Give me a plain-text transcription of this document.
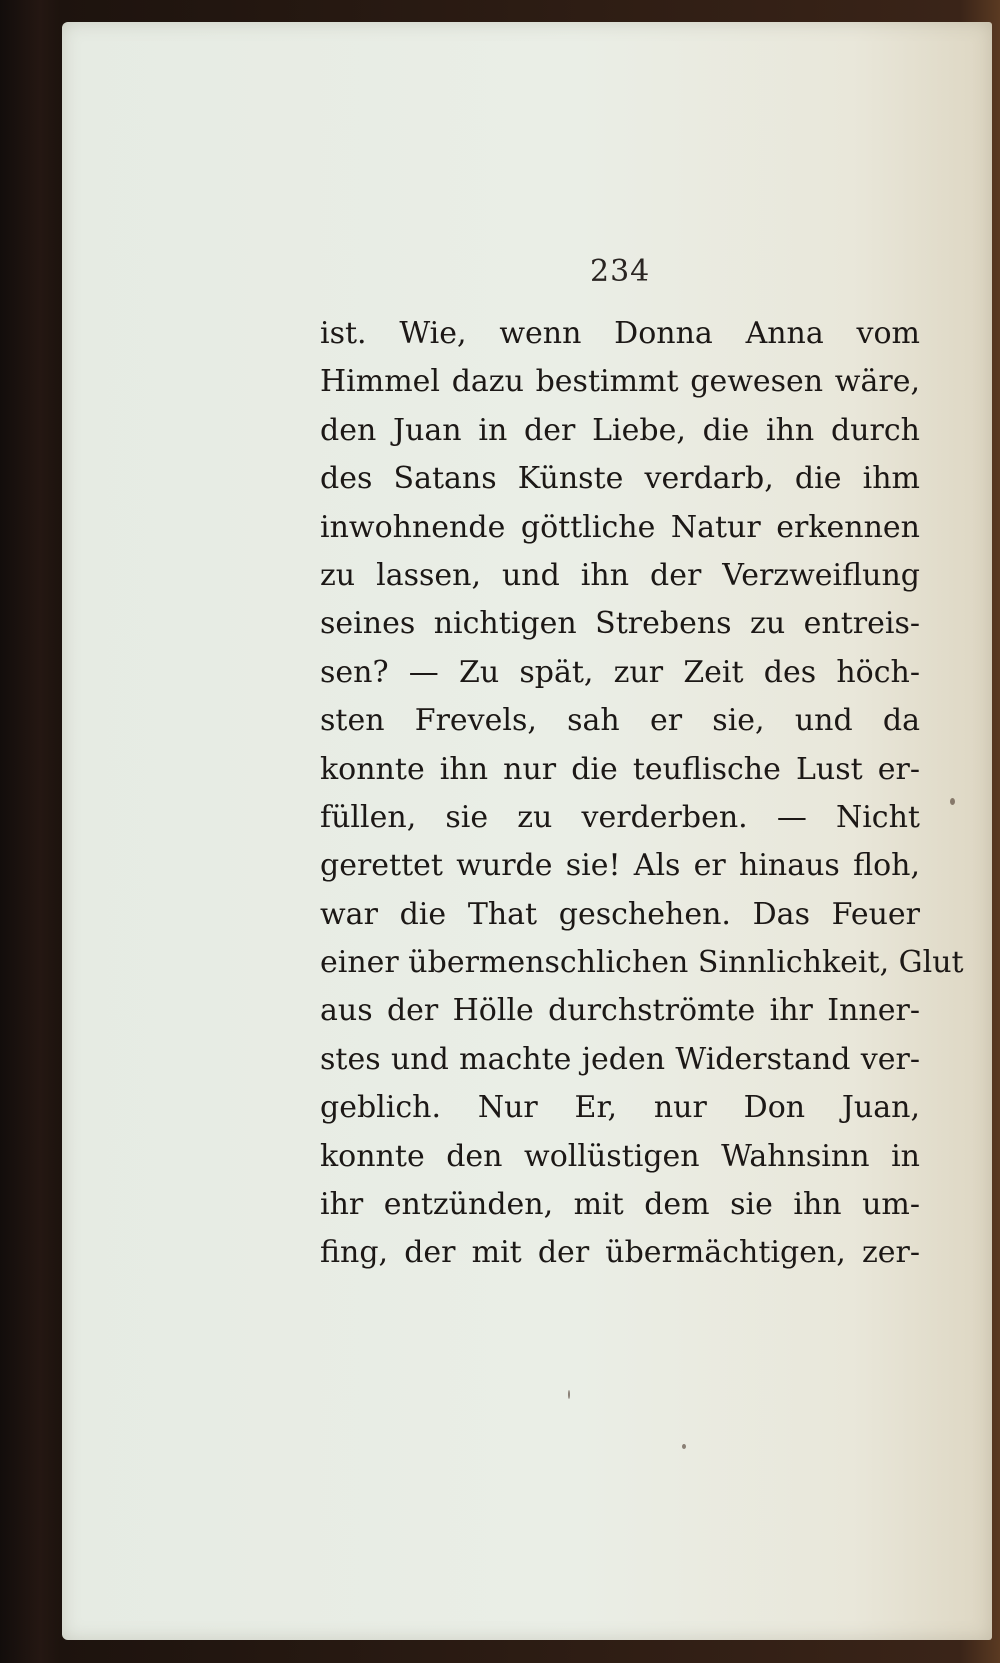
234
ist. Wie, wenn Donna Anna vom
Himmel dazu bestimmt gewesen wäre,
den Juan in der Liebe, die ihn durch
des Satans Künste verdarb, die ihm
inwohnende göttliche Natur erkennen
zu lassen, und ihn der Verzweiflung
seines nichtigen Strebens zu entreis-
sen? — Zu spät, zur Zeit des höch-
sten Frevels, sah er sie, und da
konnte ihn nur die teuflische Lust er-
füllen, sie zu verderben. — Nicht
gerettet wurde sie! Als er hinaus floh,
war die That geschehen. Das Feuer
einer übermenschlichen Sinnlichkeit, Glut
aus der Hölle durchströmte ihr Inner-
stes und machte jeden Widerstand ver-
geblich. Nur Er, nur Don Juan,
konnte den wollüstigen Wahnsinn in
ihr entzünden, mit dem sie ihn um-
fing, der mit der übermächtigen, zer-
